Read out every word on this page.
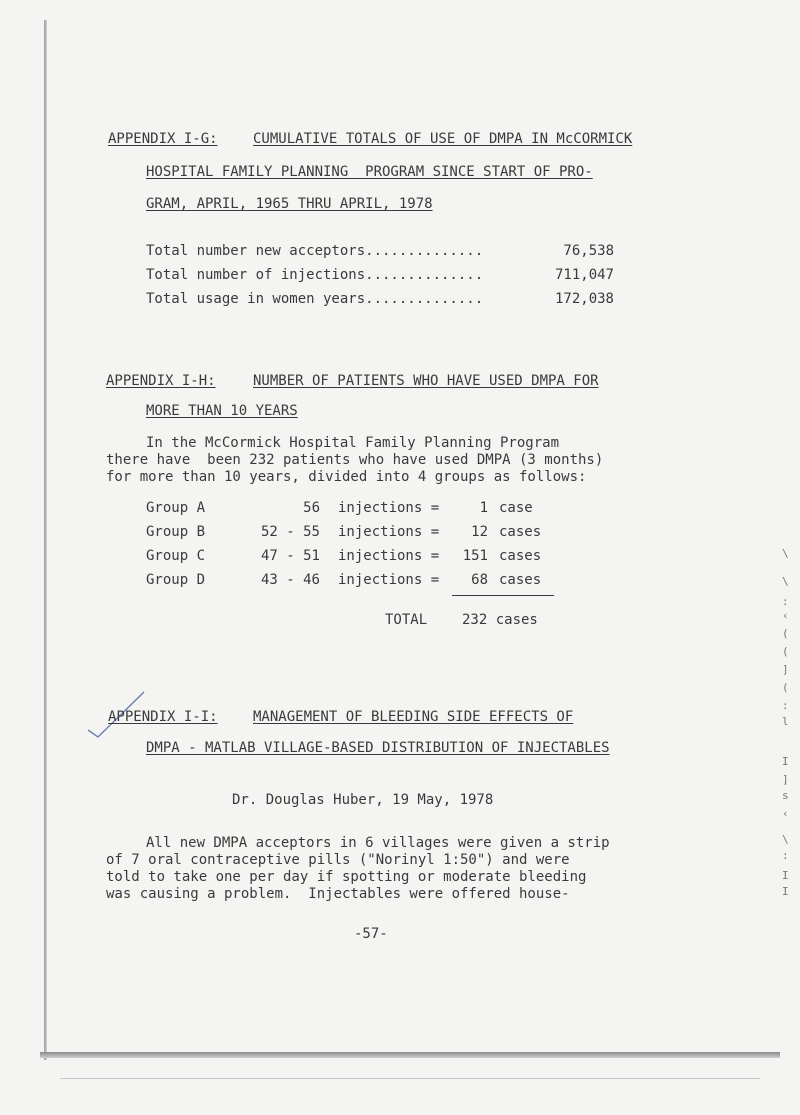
\
\
:
‹
(
(
]
(
:
l
I
]
s
‹
\
:
I
I
APPENDIX I-G:	CUMULATIVE TOTALS OF USE OF DMPA IN McCORMICK
HOSPITAL FAMILY PLANNING  PROGRAM SINCE START OF PRO-
GRAM, APRIL, 1965 THRU APRIL, 1978
Total number new acceptors..............	76,538
Total number of injections..............	711,047
Total usage in women years..............	172,038
APPENDIX I-H:	NUMBER OF PATIENTS WHO HAVE USED DMPA FOR
MORE THAN 10 YEARS
In the McCormick Hospital Family Planning Program
there have  been 232 patients who have used DMPA (3 months)
for more than 10 years, divided into 4 groups as follows:
Group A	56 injections =	1 case
Group B	52 - 55 injections =	12 cases
Group C	47 - 51 injections =	151 cases
Group D	43 - 46 injections =	68 cases
TOTAL 232 cases
APPENDIX I-I:	MANAGEMENT OF BLEEDING SIDE EFFECTS OF
DMPA - MATLAB VILLAGE-BASED DISTRIBUTION OF INJECTABLES
Dr. Douglas Huber, 19 May, 1978
All new DMPA acceptors in 6 villages were given a strip
of 7 oral contraceptive pills ("Norinyl 1:50") and were
told to take one per day if spotting or moderate bleeding
was causing a problem.  Injectables were offered house-
-57-
